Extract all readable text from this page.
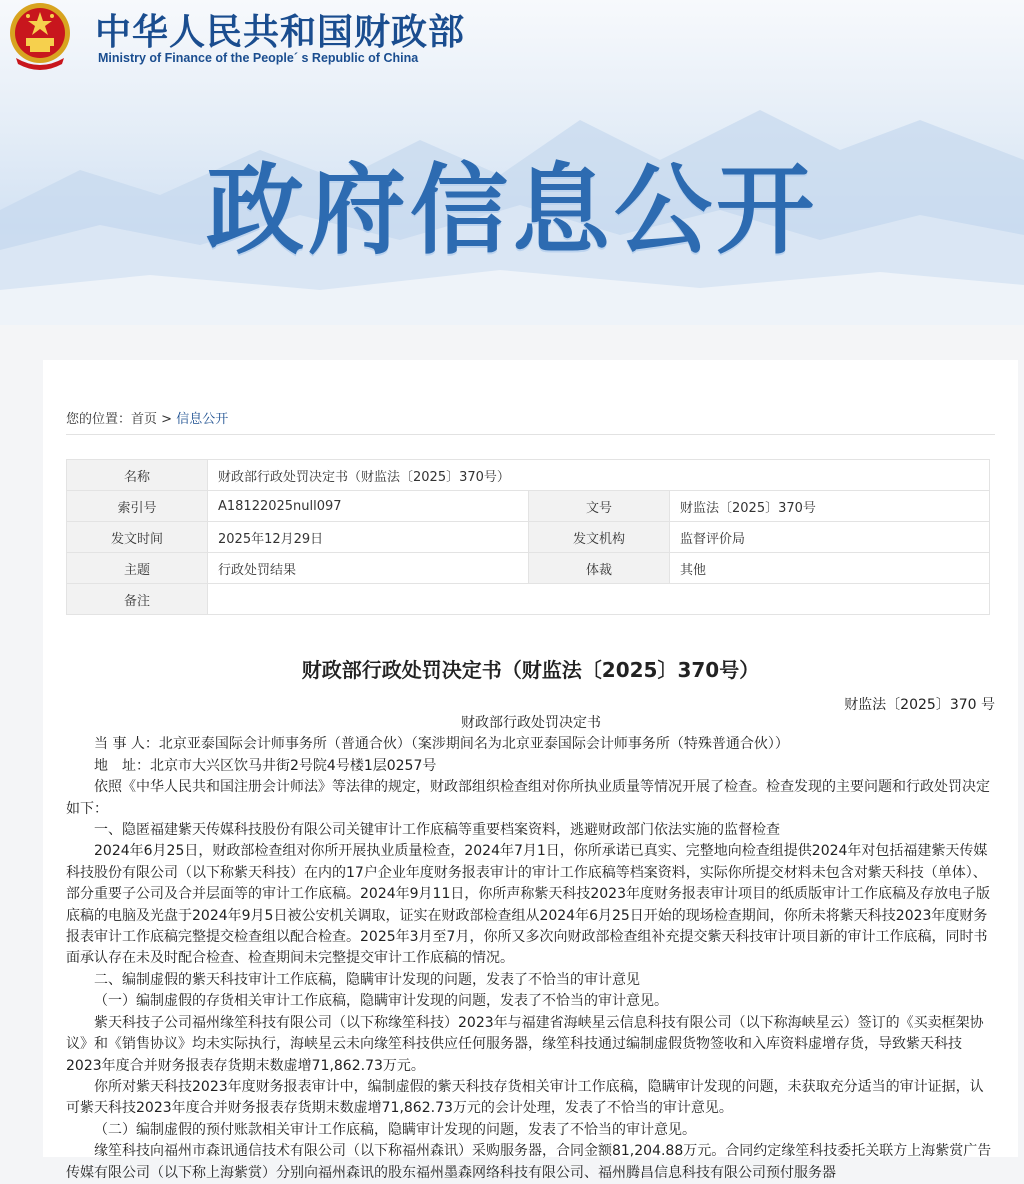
中华人民共和国财政部
Ministry of Finance of the People´ s Republic of China
政府信息公开
您的位置：首页 > 信息公开
名称	财政部行政处罚决定书（财监法〔2025〕370号）		
索引号	A18122025null097	文号	财监法〔2025〕370号
发文时间	2025年12月29日	发文机构	监督评价局
主题	行政处罚结果	体裁	其他
备注			
财政部行政处罚决定书（财监法〔2025〕370号）
财监法〔2025〕370 号

财政部行政处罚决定书

当 事 人：北京亚泰国际会计师事务所（普通合伙）（案涉期间名为北京亚泰国际会计师事务所（特殊普通合伙））

地　址：北京市大兴区饮马井街2号院4号楼1层0257号

依照《中华人民共和国注册会计师法》等法律的规定，财政部组织检查组对你所执业质量等情况开展了检查。检查发现的主要问题和行政处罚决定如下：

一、隐匿福建紫天传媒科技股份有限公司关键审计工作底稿等重要档案资料，逃避财政部门依法实施的监督检查

2024年6月25日，财政部检查组对你所开展执业质量检查，2024年7月1日，你所承诺已真实、完整地向检查组提供2024年对包括福建紫天传媒科技股份有限公司（以下称紫天科技）在内的17户企业年度财务报表审计的审计工作底稿等档案资料，实际你所提交材料未包含对紫天科技（单体）、部分重要子公司及合并层面等的审计工作底稿。2024年9月11日，你所声称紫天科技2023年度财务报表审计项目的纸质版审计工作底稿及存放电子版底稿的电脑及光盘于2024年9月5日被公安机关调取，证实在财政部检查组从2024年6月25日开始的现场检查期间，你所未将紫天科技2023年度财务报表审计工作底稿完整提交检查组以配合检查。2025年3月至7月，你所又多次向财政部检查组补充提交紫天科技审计项目新的审计工作底稿，同时书面承认存在未及时配合检查、检查期间未完整提交审计工作底稿的情况。

二、编制虚假的紫天科技审计工作底稿，隐瞒审计发现的问题，发表了不恰当的审计意见

（一）编制虚假的存货相关审计工作底稿，隐瞒审计发现的问题，发表了不恰当的审计意见。

紫天科技子公司福州缘笙科技有限公司（以下称缘笙科技）2023年与福建省海峡星云信息科技有限公司（以下称海峡星云）签订的《买卖框架协议》和《销售协议》均未实际执行，海峡星云未向缘笙科技供应任何服务器，缘笙科技通过编制虚假货物签收和入库资料虚增存货，导致紫天科技2023年度合并财务报表存货期末数虚增71,862.73万元。

你所对紫天科技2023年度财务报表审计中，编制虚假的紫天科技存货相关审计工作底稿，隐瞒审计发现的问题，未获取充分适当的审计证据，认可紫天科技2023年度合并财务报表存货期末数虚增71,862.73万元的会计处理，发表了不恰当的审计意见。

（二）编制虚假的预付账款相关审计工作底稿，隐瞒审计发现的问题，发表了不恰当的审计意见。

缘笙科技向福州市森讯通信技术有限公司（以下称福州森讯）采购服务器，合同金额81,204.88万元。合同约定缘笙科技委托关联方上海紫赏广告传媒有限公司（以下称上海紫赏）分别向福州森讯的股东福州墨森网络科技有限公司、福州腾昌信息科技有限公司预付服务器
